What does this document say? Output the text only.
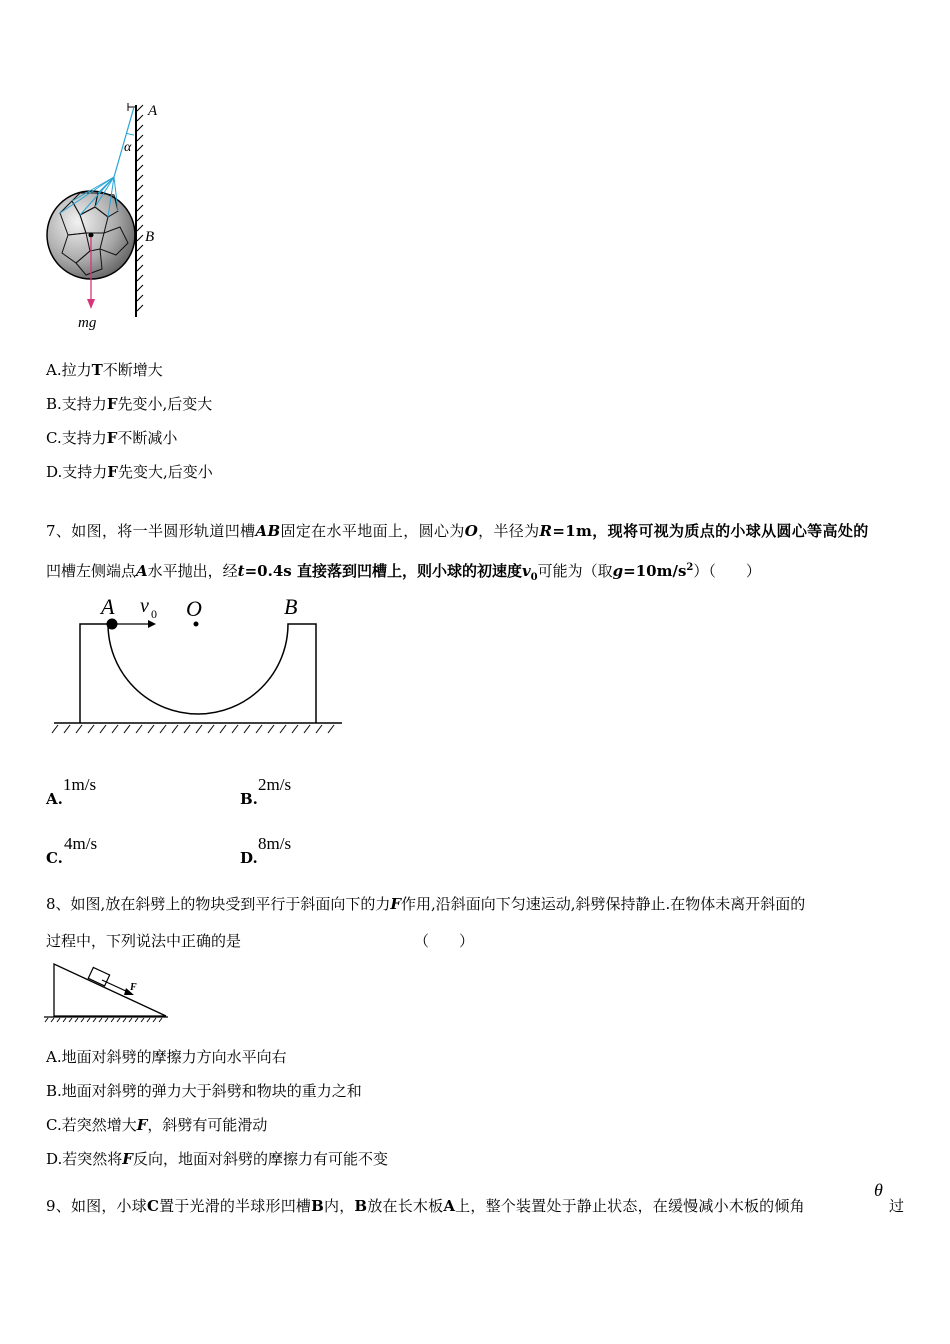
A
α
B
mg
A.拉力T不断增大
B.支持力F先变小,后变大
C.支持力F不断减小
D.支持力F先变大,后变小
7、如图，将一半圆形轨道凹槽AB固定在水平地面上，圆心为O，半径为R=1m，现将可视为质点的小球从圆心等高处的
凹槽左侧端点A水平抛出，经t=0.4s 直接落到凹槽上，则小球的初速度$v_0$可能为（取$g=10m/s^2$）（　　）
A v 0 O	B
A.
1m/s
B.
2m/s
C.
4m/s
D.
8m/s
8、如图,放在斜劈上的物块受到平行于斜面向下的力F作用,沿斜面向下匀速运动,斜劈保持静止.在物体未离开斜面的
过程中，下列说法中正确的是	（　　）
F
A.地面对斜劈的摩擦力方向水平向右
B.地面对斜劈的弹力大于斜劈和物块的重力之和
C.若突然增大F，斜劈有可能滑动
D.若突然将F反向，地面对斜劈的摩擦力有可能不变
9、如图，小球C置于光滑的半球形凹槽B内，B放在长木板A上，整个装置处于静止状态，在缓慢减小木板的倾角
θ
过
